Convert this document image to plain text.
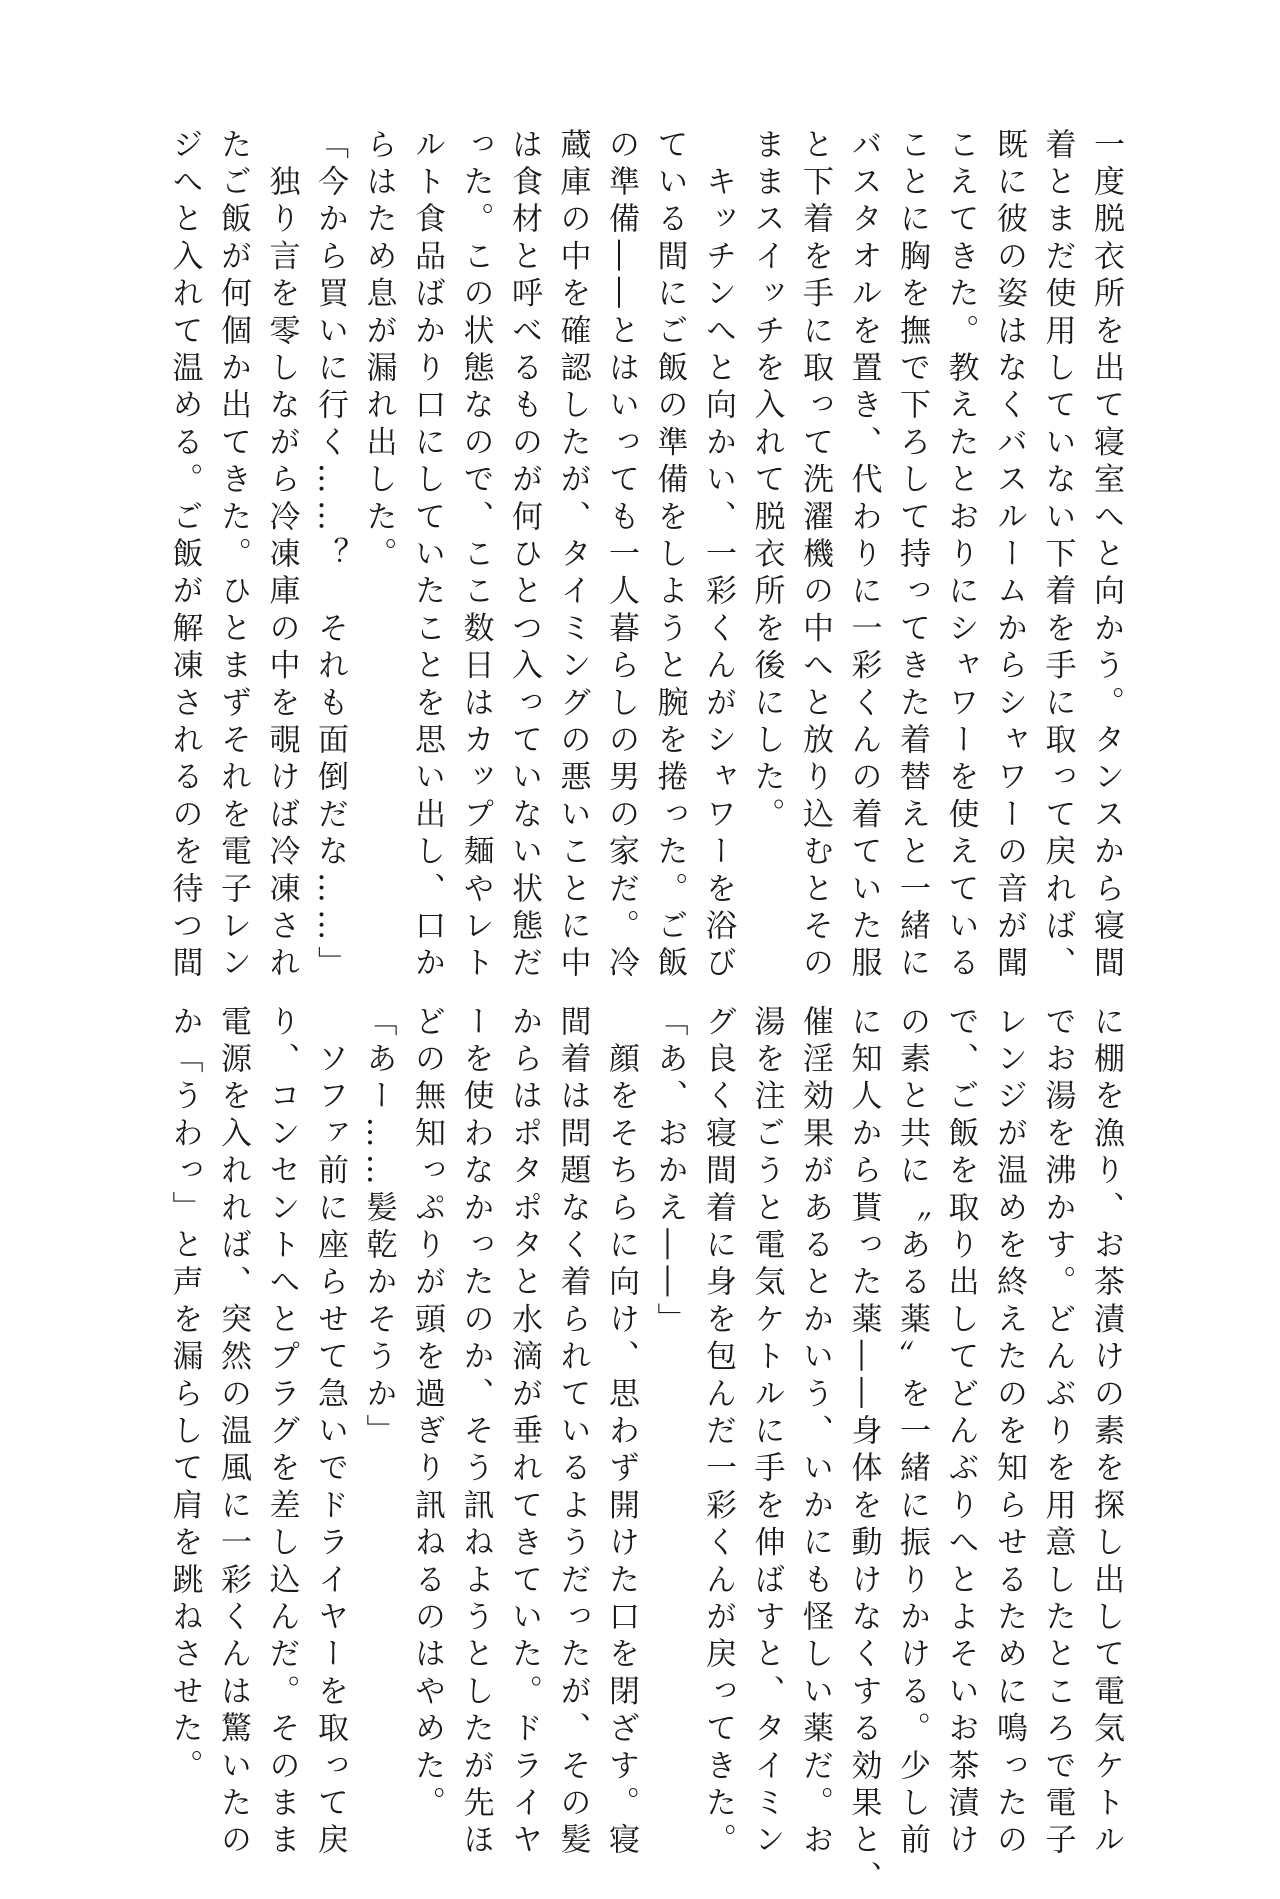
一度脱衣所を出て寝室へと向かう。タンスから寝間
着とまだ使用していない下着を手に取って戻れば、
既に彼の姿はなくバスルームからシャワーの音が聞
こえてきた。教えたとおりにシャワーを使えている
ことに胸を撫で下ろして持ってきた着替えと一緒に
バスタオルを置き、代わりに一彩くんの着ていた服
と下着を手に取って洗濯機の中へと放り込むとその
ままスイッチを入れて脱衣所を後にした。
　キッチンへと向かい、一彩くんがシャワーを浴び
ている間にご飯の準備をしようと腕を捲った。ご飯
の準備――とはいっても一人暮らしの男の家だ。冷
蔵庫の中を確認したが、タイミングの悪いことに中
は食材と呼べるものが何ひとつ入っていない状態だ
った。この状態なので、ここ数日はカップ麺やレト
ルト食品ばかり口にしていたことを思い出し、口か
らはため息が漏れ出した。
「今から買いに行く……？　それも面倒だな……」
　独り言を零しながら冷凍庫の中を覗けば冷凍され
たご飯が何個か出てきた。ひとまずそれを電子レン
ジへと入れて温める。ご飯が解凍されるのを待つ間
に棚を漁り、お茶漬けの素を探し出して電気ケトル
でお湯を沸かす。どんぶりを用意したところで電子
レンジが温めを終えたのを知らせるために鳴ったの
で、ご飯を取り出してどんぶりへとよそいお茶漬け
の素と共に〝ある薬〟を一緒に振りかける。少し前
に知人から貰った薬――身体を動けなくする効果と、
催淫効果があるとかいう、いかにも怪しい薬だ。お
湯を注ごうと電気ケトルに手を伸ばすと、タイミン
グ良く寝間着に身を包んだ一彩くんが戻ってきた。
「あ、おかえ――」
　顔をそちらに向け、思わず開けた口を閉ざす。寝
間着は問題なく着られているようだったが、その髪
からはポタポタと水滴が垂れてきていた。ドライヤ
ーを使わなかったのか、そう訊ねようとしたが先ほ
どの無知っぷりが頭を過ぎり訊ねるのはやめた。
「あー……髪乾かそうか」
　ソファ前に座らせて急いでドライヤーを取って戻
り、コンセントへとプラグを差し込んだ。そのまま
電源を入れれば、突然の温風に一彩くんは驚いたの
か「うわっ」と声を漏らして肩を跳ねさせた。
